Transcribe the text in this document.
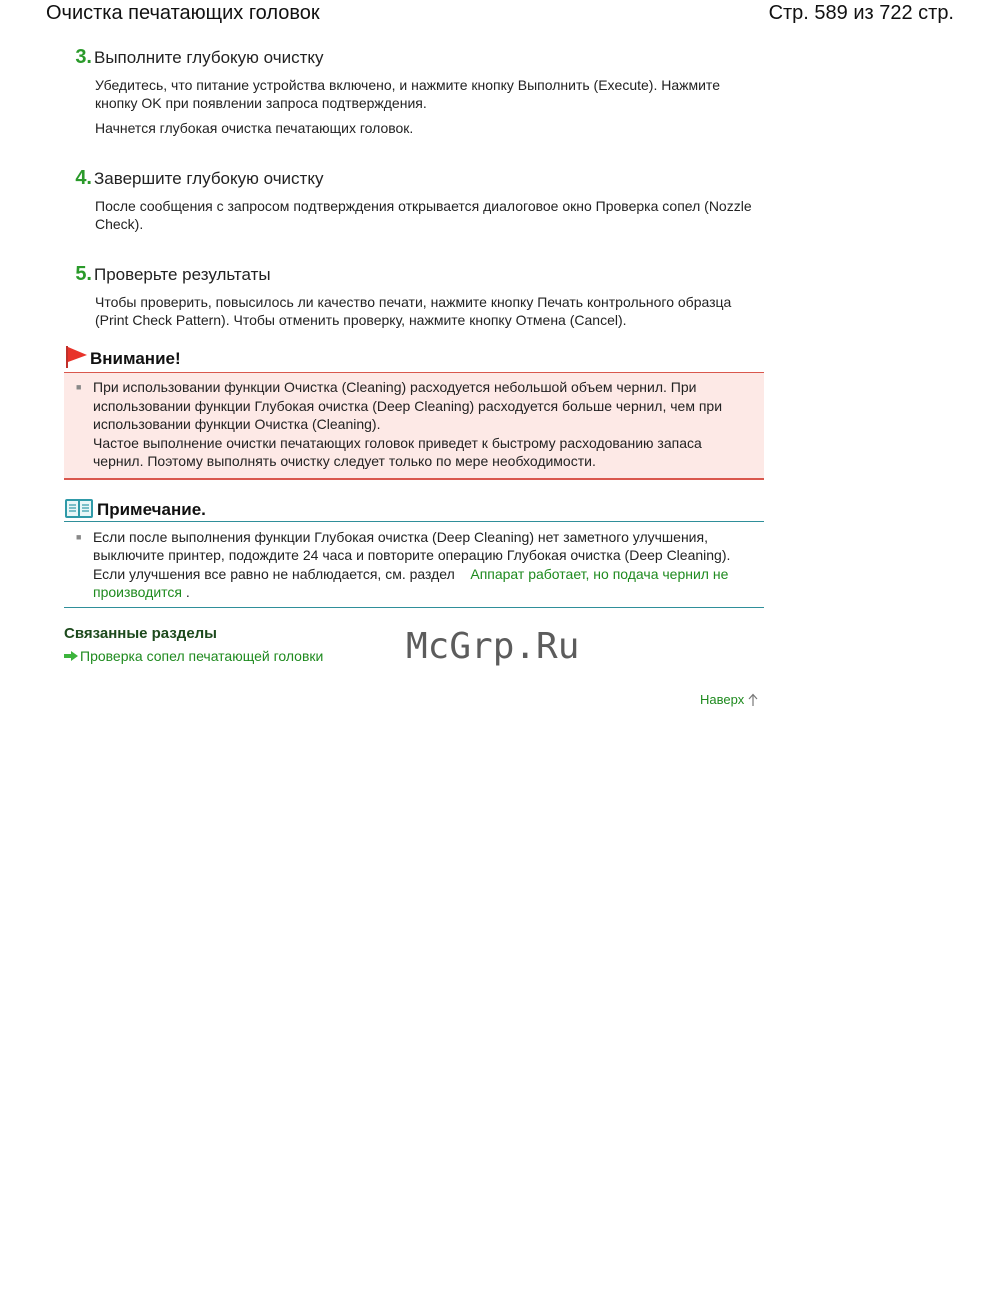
Очистка печатающих головок	Стр. 589 из 722 стр.
3. Выполните глубокую очистку

Убедитесь, что питание устройства включено, и нажмите кнопку Выполнить (Execute). Нажмите кнопку OK при появлении запроса подтверждения.

Начнется глубокая очистка печатающих головок.

4. Завершите глубокую очистку

После сообщения с запросом подтверждения открывается диалоговое окно Проверка сопел (Nozzle Check).

5. Проверьте результаты

Чтобы проверить, повысилось ли качество печати, нажмите кнопку Печать контрольного образца (Print Check Pattern). Чтобы отменить проверку, нажмите кнопку Отмена (Cancel).

Внимание!
■ При использовании функции Очистка (Cleaning) расходуется небольшой объем чернил. При использовании функции Глубокая очистка (Deep Cleaning) расходуется больше чернил, чем при использовании функции Очистка (Cleaning).
Частое выполнение очистки печатающих головок приведет к быстрому расходованию запаса чернил. Поэтому выполнять очистку следует только по мере необходимости.
Примечание.
■ Если после выполнения функции Глубокая очистка (Deep Cleaning) нет заметного улучшения, выключите принтер, подождите 24 часа и повторите операцию Глубокая очистка (Deep Cleaning). Если улучшения все равно не наблюдается, см. раздел Аппарат работает, но подача чернил не производится .
Связанные разделы
Проверка сопел печатающей головки
Наверх
McGrp.Ru
